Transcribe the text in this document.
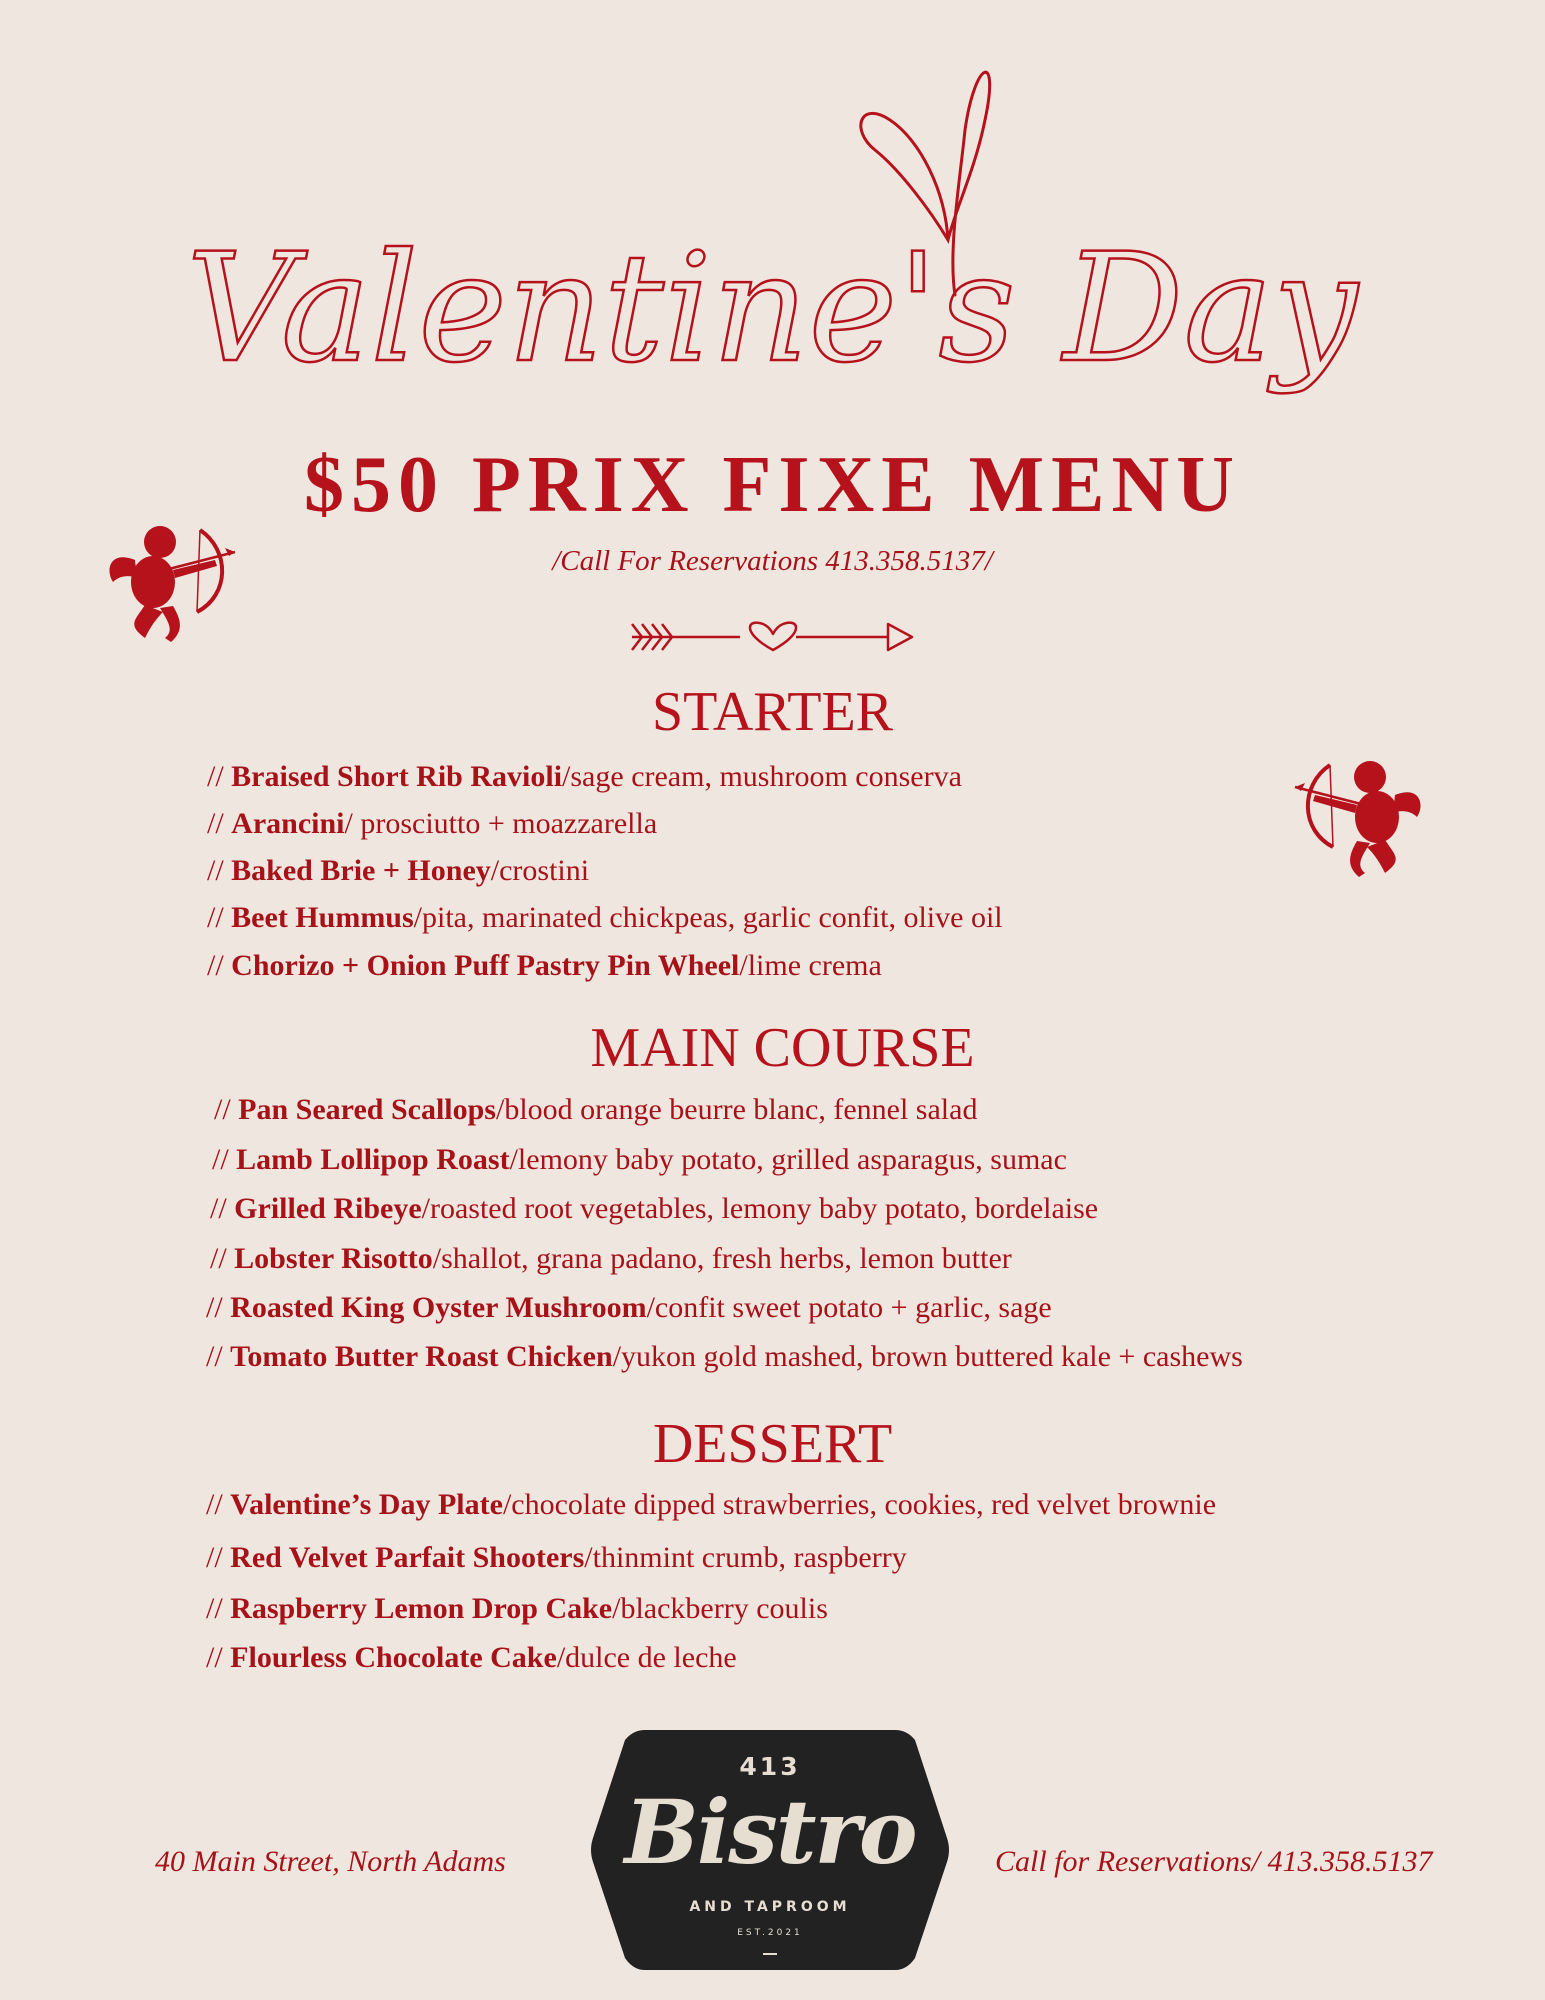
Valentine's Day
$50 PRIX FIXE MENU
/Call For Reservations 413.358.5137/
STARTER
// Braised Short Rib Ravioli/sage cream, mushroom conserva
// Arancini/ prosciutto + moazzarella
// Baked Brie + Honey/crostini
// Beet Hummus/pita, marinated chickpeas, garlic confit, olive oil
// Chorizo + Onion Puff Pastry Pin Wheel/lime crema
MAIN COURSE
// Pan Seared Scallops/blood orange beurre blanc, fennel salad
// Lamb Lollipop Roast/lemony baby potato, grilled asparagus, sumac
// Grilled Ribeye/roasted root vegetables, lemony baby potato, bordelaise
// Lobster Risotto/shallot, grana padano, fresh herbs, lemon butter
// Roasted King Oyster Mushroom/confit sweet potato + garlic, sage
// Tomato Butter Roast Chicken/yukon gold mashed, brown buttered kale + cashews
DESSERT
// Valentine’s Day Plate/chocolate dipped strawberries, cookies, red velvet brownie
// Red Velvet Parfait Shooters/thinmint crumb, raspberry
// Raspberry Lemon Drop Cake/blackberry coulis
// Flourless Chocolate Cake/dulce de leche
40 Main Street, North Adams	Call for Reservations/ 413.358.5137
413
Bistro
AND TAPROOM
EST.2021
